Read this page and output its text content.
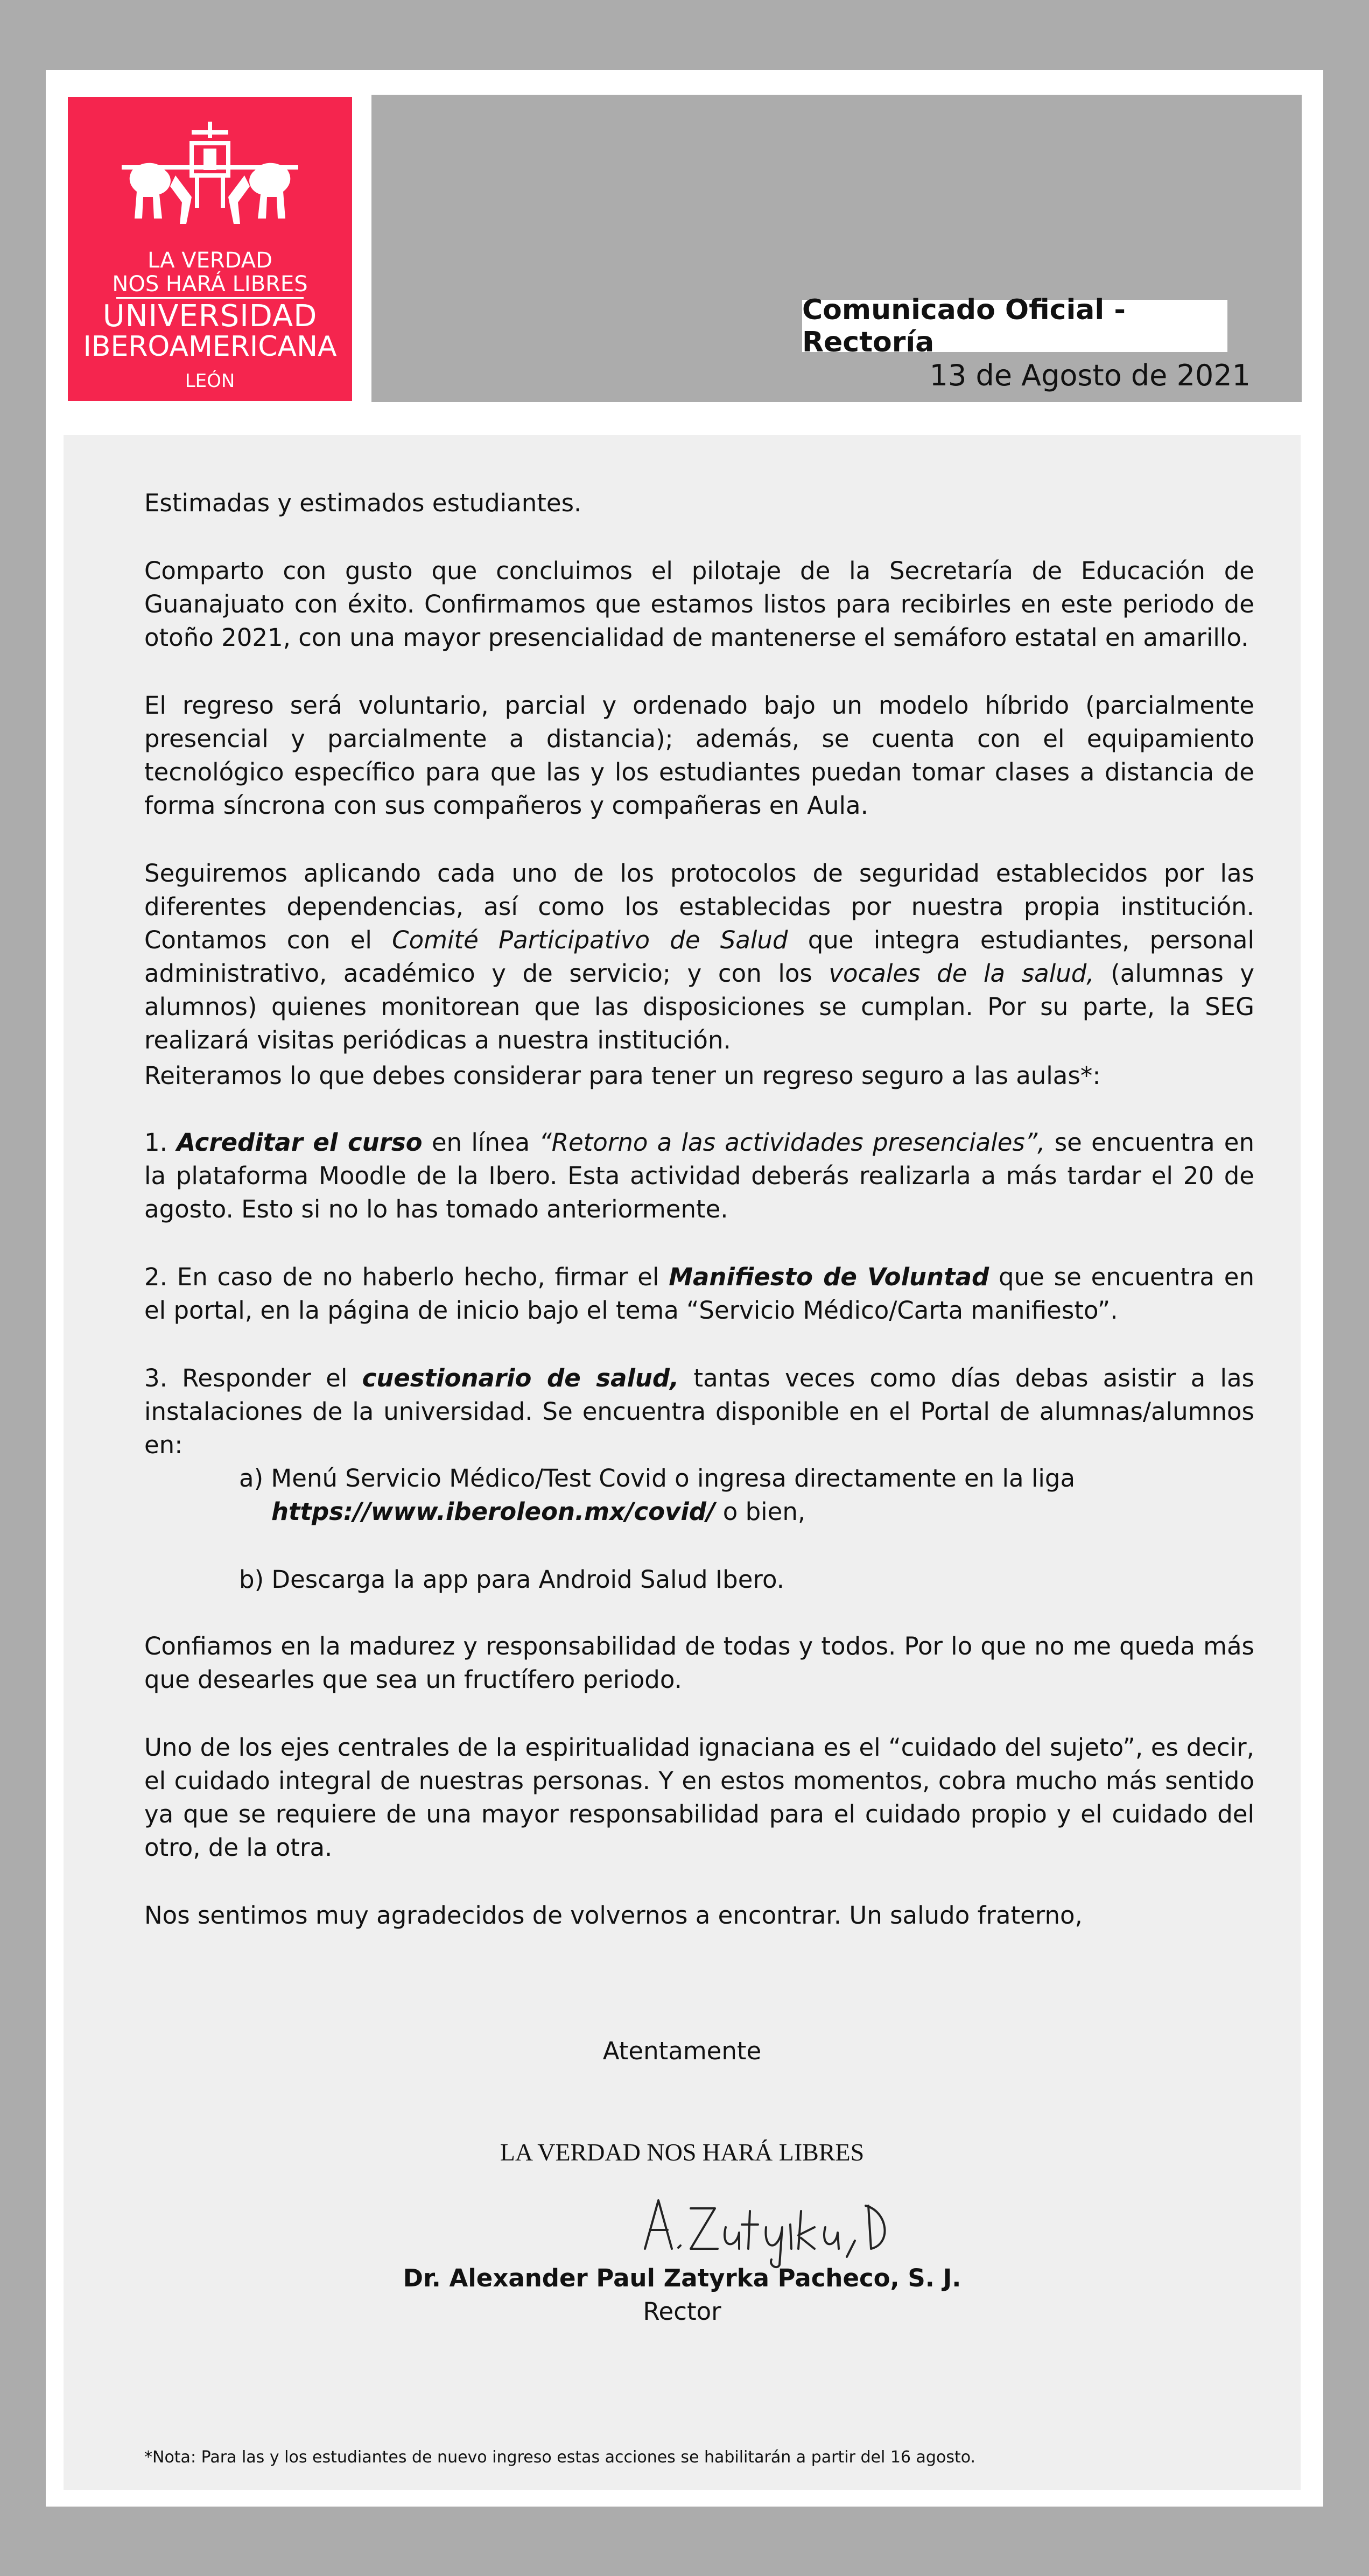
LA VERDAD
NOS HARÁ LIBRES
UNIVERSIDAD
IBEROAMERICANA
LEÓN
Comunicado Oficial - Rectoría
13 de Agosto de 2021
Estimadas y estimados estudiantes.
Comparto con gusto que concluimos el pilotaje de la Secretaría de Educación de Guanajuato con éxito. Confirmamos que estamos listos para recibirles en este periodo de otoño 2021, con una mayor presencialidad de mantenerse el semáforo estatal en amarillo.
El regreso será voluntario, parcial y ordenado bajo un modelo híbrido (parcialmente presencial y parcialmente a distancia); además, se cuenta con el equipamiento tecnológico específico para que las y los estudiantes puedan tomar clases a distancia de forma síncrona con sus compañeros y compañeras en Aula.
Seguiremos aplicando cada uno de los protocolos de seguridad establecidos por las diferentes dependencias, así como los establecidas por nuestra propia institución. Contamos con el Comité Participativo de Salud que integra estudiantes, personal administrativo, académico y de servicio; y con los vocales de la salud, (alumnas y alumnos) quienes monitorean que las disposiciones se cumplan. Por su parte, la SEG realizará visitas periódicas a nuestra institución.
Reiteramos lo que debes considerar para tener un regreso seguro a las aulas*:
1. Acreditar el curso en línea “Retorno a las actividades presenciales”, se encuentra en la plataforma Moodle de la Ibero. Esta actividad deberás realizarla a más tardar el 20 de agosto. Esto si no lo has tomado anteriormente.
2. En caso de no haberlo hecho, firmar el Manifiesto de Voluntad que se encuentra en el portal, en la página de inicio bajo el tema “Servicio Médico/Carta manifiesto”.
3. Responder el cuestionario de salud, tantas veces como días debas asistir a las instalaciones de la universidad. Se encuentra disponible en el Portal de alumnas/alumnos en:
a) Menú Servicio Médico/Test Covid o ingresa directamente en la liga
https://www.iberoleon.mx/covid/ o bien,
b) Descarga la app para Android Salud Ibero.
Confiamos en la madurez y responsabilidad de todas y todos. Por lo que no me queda más que desearles que sea un fructífero periodo.
Uno de los ejes centrales de la espiritualidad ignaciana es el “cuidado del sujeto”, es decir, el cuidado integral de nuestras personas. Y en estos momentos, cobra mucho más sentido ya que se requiere de una mayor responsabilidad para el cuidado propio y el cuidado del otro, de la otra.
Nos sentimos muy agradecidos de volvernos a encontrar. Un saludo fraterno,
Atentamente
LA VERDAD NOS HARÁ LIBRES
Dr. Alexander Paul Zatyrka Pacheco, S. J.
Rector
*Nota: Para las y los estudiantes de nuevo ingreso estas acciones se habilitarán a partir del 16 agosto.
